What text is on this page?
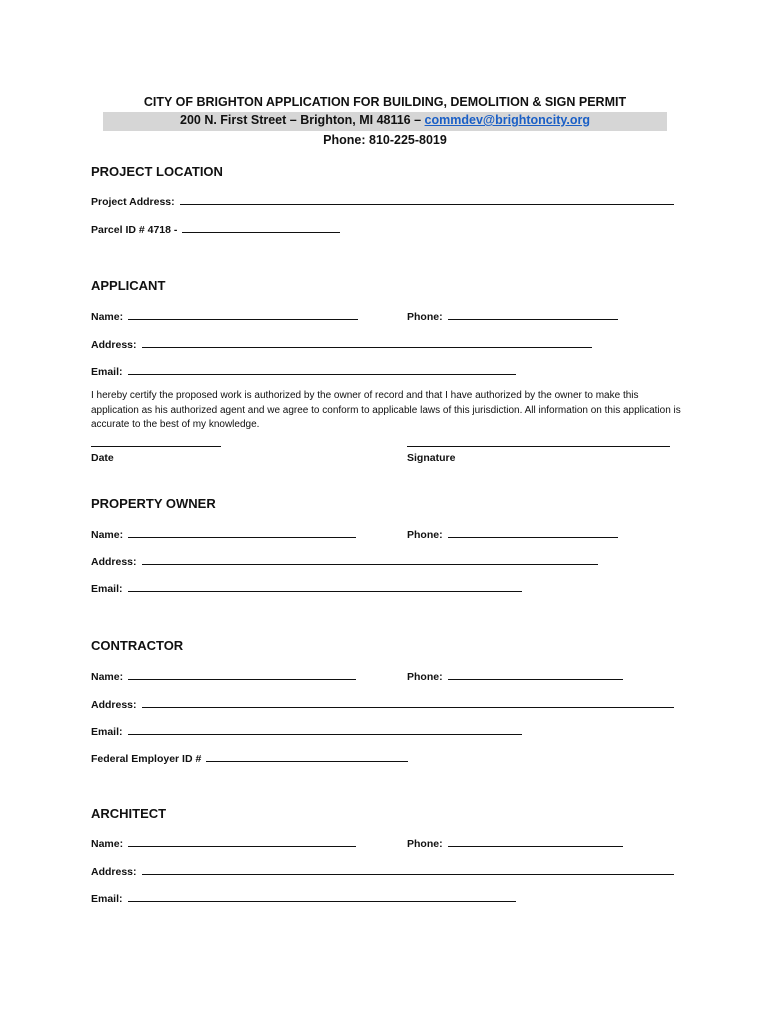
CITY OF BRIGHTON APPLICATION FOR BUILDING, DEMOLITION & SIGN PERMIT
200 N. First Street – Brighton, MI 48116 – commdev@brightoncity.org
Phone: 810-225-8019
PROJECT LOCATION
Project Address:
Parcel ID # 4718 -
APPLICANT
Name:	Phone:
Address:
Email:
I hereby certify the proposed work is authorized by the owner of record and that I have authorized by the owner to make this application as his authorized agent and we agree to conform to applicable laws of this jurisdiction. All information on this application is accurate to the best of my knowledge.
Date	Signature
PROPERTY OWNER
Name:	Phone:
Address:
Email:
CONTRACTOR
Name:	Phone:
Address:
Email:
Federal Employer ID #
ARCHITECT
Name:	Phone:
Address:
Email:
